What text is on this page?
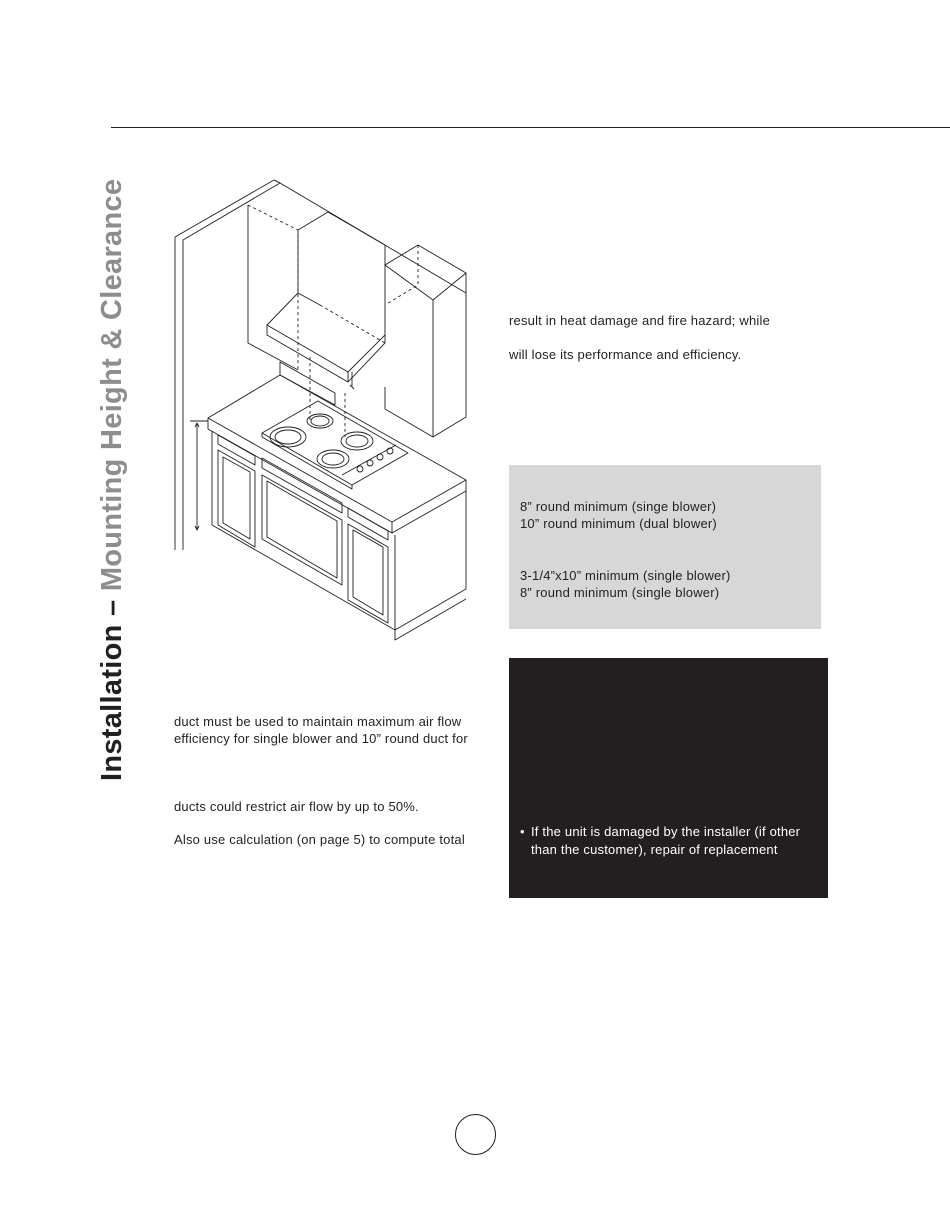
Installation – Mounting Height & Clearance	result in heat damage and fire hazard; while
will lose its performance and efficiency.
8” round minimum (singe blower)
10” round minimum (dual blower)
3-1/4”x10” minimum (single blower)
8” round minimum (single blower)
duct must be used to maintain maximum air flow
efficiency for single blower and 10” round duct for
ducts could restrict air flow by up to 50%.
Also use calculation (on page 5) to compute total
• If the unit is damaged by the installer (if other
than the customer), repair of replacement
